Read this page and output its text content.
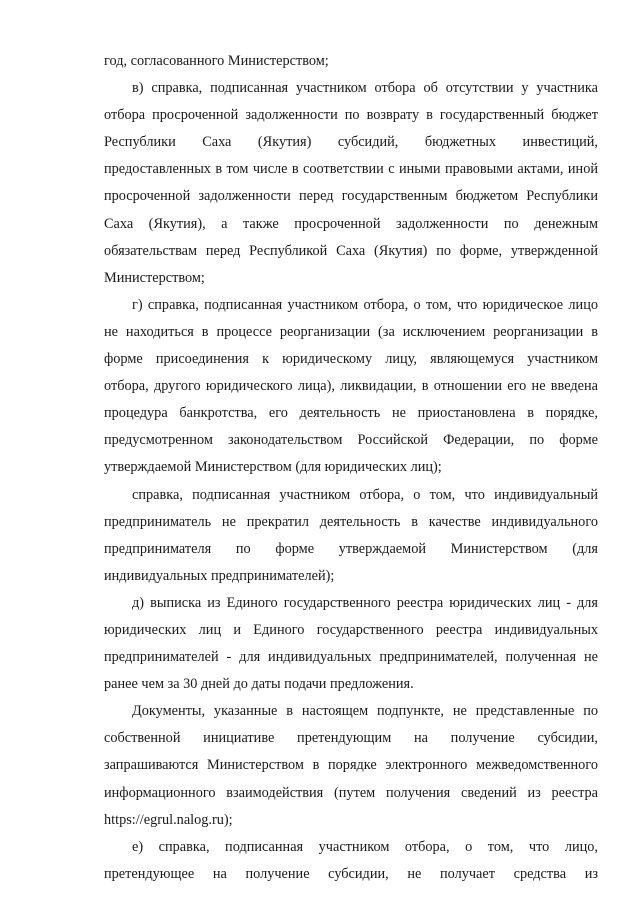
год, согласованного Министерством;
в) справка, подписанная участником отбора об отсутствии у участника
отбора просроченной задолженности по возврату в государственный бюджет
Республики Саха (Якутия) субсидий, бюджетных инвестиций,
предоставленных в том числе в соответствии с иными правовыми актами, иной
просроченной задолженности перед государственным бюджетом Республики
Саха (Якутия), а также просроченной задолженности по денежным
обязательствам перед Республикой Саха (Якутия) по форме, утвержденной
Министерством;
г) справка, подписанная участником отбора, о том, что юридическое лицо
не находиться в процессе реорганизации (за исключением реорганизации в
форме присоединения к юридическому лицу, являющемуся участником
отбора, другого юридического лица), ликвидации, в отношении его не введена
процедура банкротства, его деятельность не приостановлена в порядке,
предусмотренном законодательством Российской Федерации, по форме
утверждаемой Министерством (для юридических лиц);
справка, подписанная участником отбора, о том, что индивидуальный
предприниматель не прекратил деятельность в качестве индивидуального
предпринимателя по форме утверждаемой Министерством (для
индивидуальных предпринимателей);
д) выписка из Единого государственного реестра юридических лиц - для
юридических лиц и Единого государственного реестра индивидуальных
предпринимателей - для индивидуальных предпринимателей, полученная не
ранее чем за 30 дней до даты подачи предложения.
Документы, указанные в настоящем подпункте, не представленные по
собственной инициативе претендующим на получение субсидии,
запрашиваются Министерством в порядке электронного межведомственного
информационного взаимодействия (путем получения сведений из реестра
https://egrul.nalog.ru);
е) справка, подписанная участником отбора, о том, что лицо,
претендующее на получение субсидии, не получает средства из
